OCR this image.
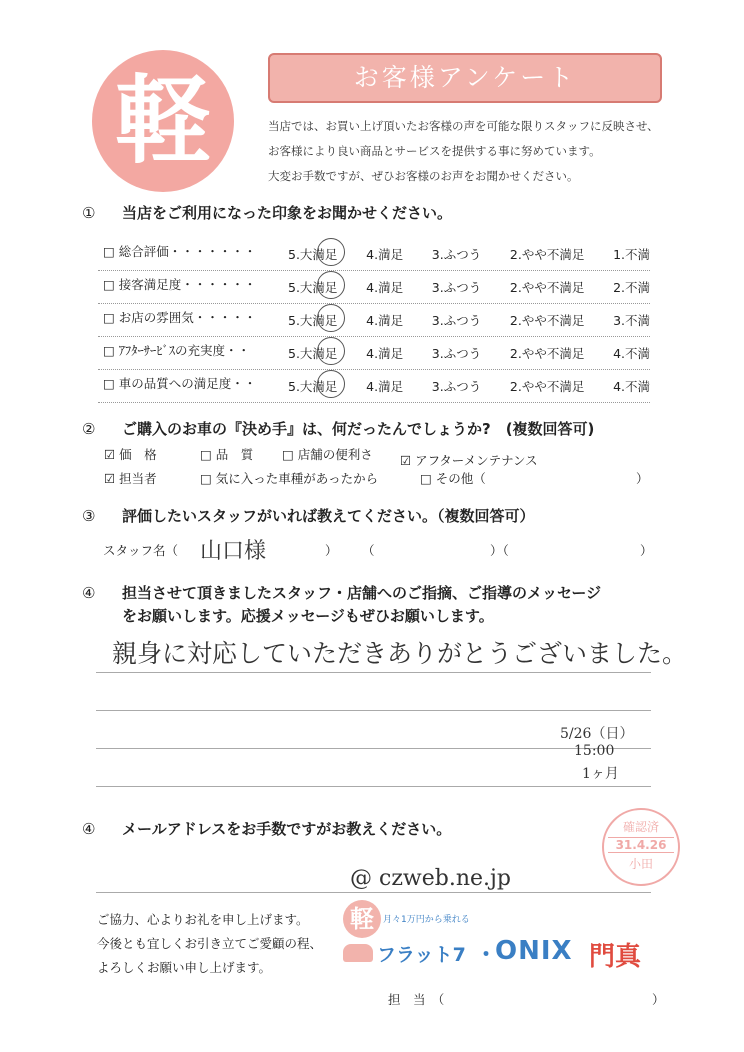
軽	お客様アンケート
当店では、お買い上げ頂いたお客様の声を可能な限りスタッフに反映させ、
お客様により良い商品とサービスを提供する事に努めています。
大変お手数ですが、ぜひお客様のお声をお聞かせください。
① 当店をご利用になった印象をお聞かせください。
□ 総合評価・・・・・・・	5.大満足 4.満足 3.ふつう 2.やや不満足 1.不満
□ 接客満足度・・・・・・	5.大満足 4.満足 3.ふつう 2.やや不満足 2.不満
□ お店の雰囲気・・・・・	5.大満足 4.満足 3.ふつう 2.やや不満足 3.不満
□ ｱﾌﾀｰｻｰﾋﾞｽの充実度・・	5.大満足 4.満足 3.ふつう 2.やや不満足 4.不満
□ 車の品質への満足度・・	5.大満足 4.満足 3.ふつう 2.やや不満足 4.不満
② ご購入のお車の『決め手』は、何だったんでしょうか?　(複数回答可)
☑ 価　格	□ 品　質 □ 店舗の便利さ ☑ アフターメンテナンス
☑ 担当者	□ 気に入った車種があったから	□ その他（	）
③ 評価したいスタッフがいれば教えてください。（複数回答可）
スタッフ名（ 山口様	） （	）（	）
④ 担当させて頂きましたスタッフ・店舗へのご指摘、ご指導のメッセージ
をお願いします。応援メッセージもぜひお願いします。
親身に対応していただきありがとうございました。
5/26（日）
15:00
1ヶ月
確認済
31.4.26
小田
④ メールアドレスをお手数ですがお教えください。
@ czweb.ne.jp
ご協力、心よりお礼を申し上げます。
今後とも宜しくお引き立てご愛顧の程、
よろしくお願い申し上げます。
軽	月々1万円から乗れる
フラット7 ・
ONIX 門真
担　当　（	）
